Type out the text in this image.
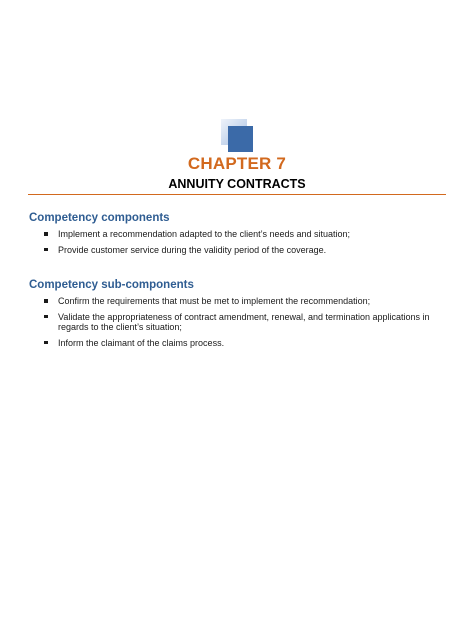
CHAPTER 7
ANNUITY CONTRACTS
Competency components
Implement a recommendation adapted to the client’s needs and situation;
Provide customer service during the validity period of the coverage.
Competency sub-components
Confirm the requirements that must be met to implement the recommendation;
Validate the appropriateness of contract amendment, renewal, and termination applications in regards to the client’s situation;
Inform the claimant of the claims process.
